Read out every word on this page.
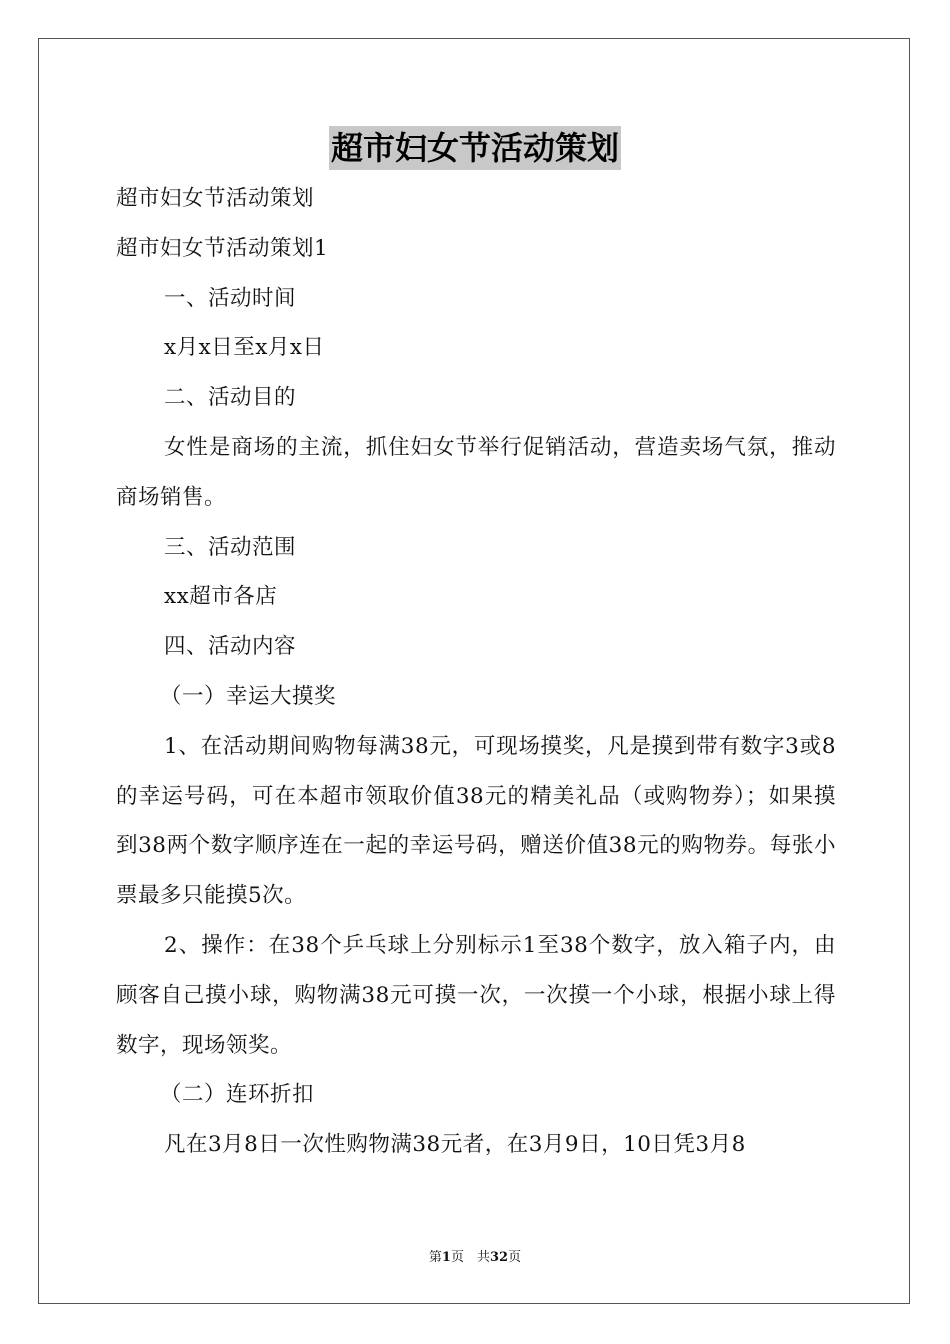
超市妇女节活动策划
超市妇女节活动策划
超市妇女节活动策划1
一、活动时间
x月x日至x月x日
二、活动目的

女性是商场的主流，抓住妇女节举行促销活动，营造卖场气氛，推动商场销售。

三、活动范围
xx超市各店
四、活动内容
（一）幸运大摸奖

1、在活动期间购物每满38元，可现场摸奖，凡是摸到带有数字3或8的幸运号码，可在本超市领取价值38元的精美礼品（或购物券）；如果摸到38两个数字顺序连在一起的幸运号码，赠送价值38元的购物券。每张小票最多只能摸5次。

2、操作：在38个乒乓球上分别标示1至38个数字，放入箱子内，由顾客自己摸小球，购物满38元可摸一次，一次摸一个小球，根据小球上得数字，现场领奖。

（二）连环折扣

凡在3月8日一次性购物满38元者，在3月9日，10日凭3月8

第1页　共32页
